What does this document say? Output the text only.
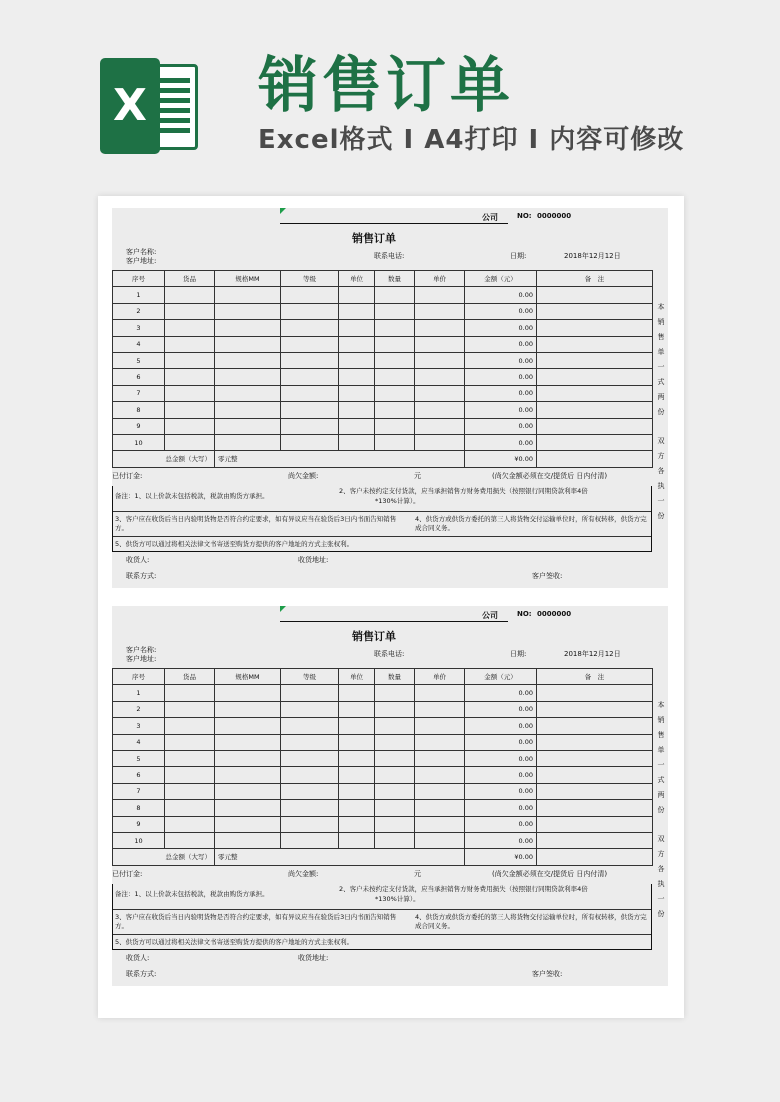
X 销售订单
Excel格式 I A4打印 I 内容可修改
公司	NO: 0000000
销售订单
客户名称:
客户地址:
联系电话:	日期:	2018年12月12日
序号	货品	规格MM	等级	单位	数量	单价	金额（元）	备　注
1							0.00	
2							0.00	
3							0.00	
4							0.00	
5							0.00	
6							0.00	
7							0.00	
8							0.00	
9							0.00	
10							0.00	
总金额（大写）		零元整					¥0.00	
已付订金:	尚欠金额:	元	(尚欠金额必须在交/提货后 日内付清)
备注：1、以上价款未包括税款，税款由购货方承担。
2、客户未按约定支付货款，应当承担销售方财务费用损失（按照银行同期贷款利率4倍
*130%计算）。
3、客户应在收货后当日内验明货物是否符合约定要求，如有异议应当在验货后3日内书面告知销售方。
4、供货方或供货方委托的第三人将货物交付运输单位时，所有权转移，供货方完成合同义务。
5、供货方可以通过将相关法律文书寄送至购货方提供的客户地址的方式主张权利。
收货人:	收货地址:
联系方式:	客户签收:
本销售单一式两份
双方各执一份
公司	NO: 0000000
销售订单
客户名称:
客户地址:
联系电话:	日期:	2018年12月12日
序号	货品	规格MM	等级	单位	数量	单价	金额（元）	备　注
1							0.00	
2							0.00	
3							0.00	
4							0.00	
5							0.00	
6							0.00	
7							0.00	
8							0.00	
9							0.00	
10							0.00	
总金额（大写）		零元整					¥0.00	
已付订金:	尚欠金额:	元	(尚欠金额必须在交/提货后 日内付清)
备注：1、以上价款未包括税款，税款由购货方承担。
2、客户未按约定支付货款，应当承担销售方财务费用损失（按照银行同期贷款利率4倍
*130%计算）。
3、客户应在收货后当日内验明货物是否符合约定要求，如有异议应当在验货后3日内书面告知销售方。
4、供货方或供货方委托的第三人将货物交付运输单位时，所有权转移，供货方完成合同义务。
5、供货方可以通过将相关法律文书寄送至购货方提供的客户地址的方式主张权利。
收货人:	收货地址:
联系方式:	客户签收:
本销售单一式两份
双方各执一份
